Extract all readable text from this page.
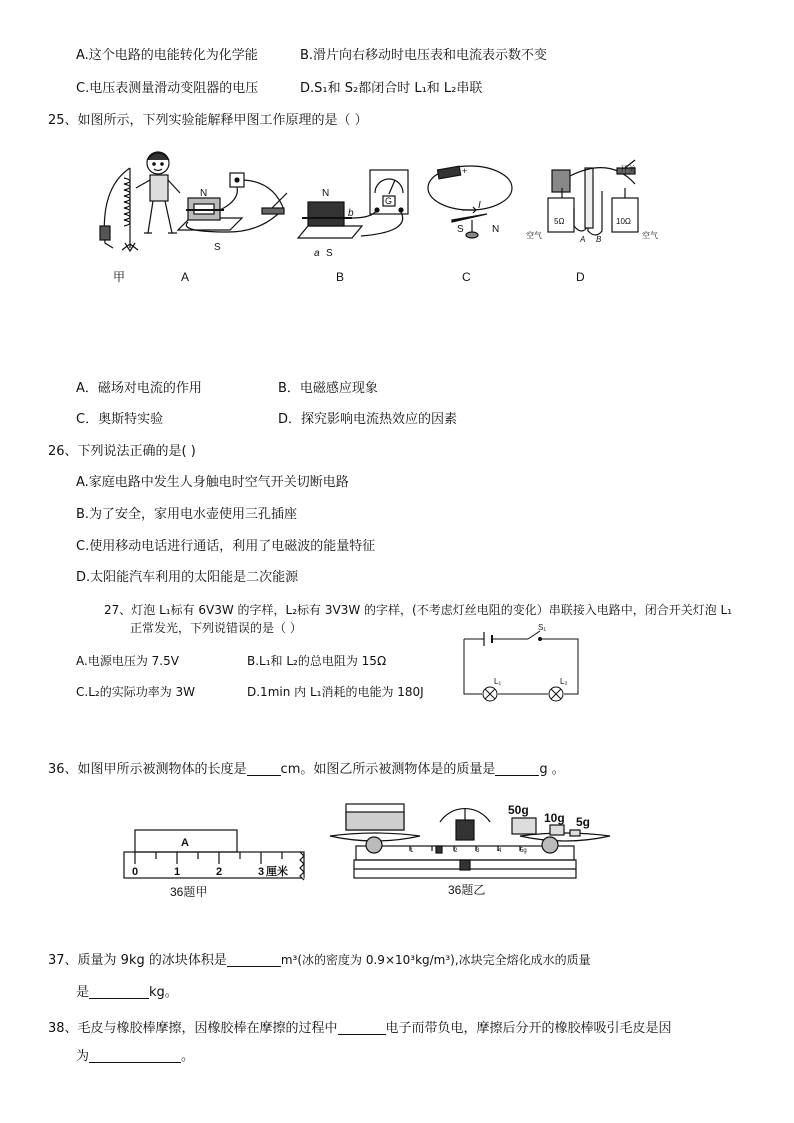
A.这个电路的电能转化为化学能	B.滑片向右移动时电压表和电流表示数不变
C.电压表测量滑动变阻器的电压	D.S₁和 S₂都闭合时 L₁和 L₂串联
25、如图所示，下列实验能解释甲图工作原理的是（ ）
N
S
N
b
a S
G
+
I
S	N
开关
5Ω	10Ω
空气	空气
A B
甲	A	B	C	D
A．磁场对电流的作用	B．电磁感应现象
C．奥斯特实验	D．探究影响电流热效应的因素
26、下列说法正确的是( )
A.家庭电路中发生人身触电时空气开关切断电路
B.为了安全，家用电水壶使用三孔插座
C.使用移动电话进行通话，利用了电磁波的能量特征
D.太阳能汽车利用的太阳能是二次能源
27、灯泡 L₁标有 6V3W 的字样，L₂标有 3V3W 的字样，(不考虑灯丝电阻的变化）串联接入电路中，闭合开关灯泡 L₁
正常发光，下列说错误的是（ ）
A.电源电压为 7.5V	B.L₁和 L₂的总电阻为 15Ω
C.L₂的实际功率为 3W	D.1min 内 L₁消耗的电能为 180J
S₁
L₁	L₂
36、如图甲所示被测物体的长度是	cm。如图乙所示被测物体是的质量是	g 。
A
0	1	2	3 厘米
36题甲
1	2	3	4	5g
50g
10g 5g
36题乙
37、质量为 9kg 的冰块体积是	m³(冰的密度为 0.9×10³kg/m³),冰块完全熔化成水的质量
是	kg。
38、毛皮与橡胶棒摩擦，因橡胶棒在摩擦的过程中	电子而带负电，摩擦后分开的橡胶棒吸引毛皮是因
为	。
